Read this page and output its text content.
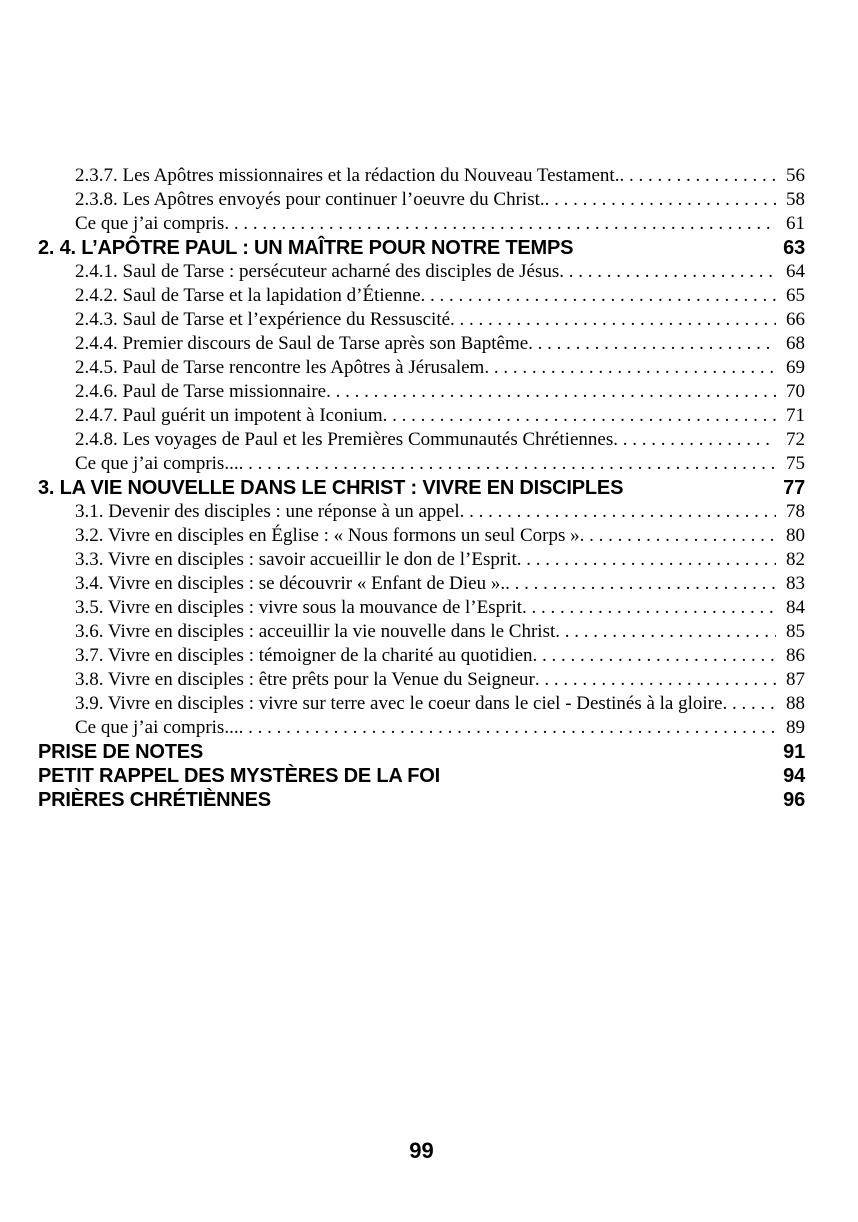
2.3.7. Les Apôtres missionnaires et la rédaction du Nouveau Testament. . . .	56
2.3.8. Les Apôtres envoyés pour continuer l’oeuvre du Christ. . . .	58
Ce que j’ai compris . . .	61
2. 4. L’APÔTRE PAUL : UN MAÎTRE POUR NOTRE TEMPS	63
2.4.1. Saul de Tarse : persécuteur acharné des disciples de Jésus . . .	64
2.4.2. Saul de Tarse et la lapidation d’Étienne . . .	65
2.4.3. Saul de Tarse et l’expérience du Ressuscité . . .	66
2.4.4. Premier discours de Saul de Tarse après son Baptême . . .	68
2.4.5. Paul de Tarse rencontre les Apôtres à Jérusalem . . .	69
2.4.6. Paul de Tarse missionnaire . . .	70
2.4.7. Paul guérit un impotent à Iconium . . .	71
2.4.8. Les voyages de Paul et les Premières Communautés Chrétiennes . . .	72
Ce que j’ai compris... . . .	75
3. LA VIE NOUVELLE DANS LE CHRIST : VIVRE EN DISCIPLES	77
3.1. Devenir des disciples : une réponse à un appel . . .	78
3.2. Vivre en disciples en Église : « Nous formons un seul Corps » . . .	80
3.3. Vivre en disciples : savoir accueillir le don de l’Esprit . . .	82
3.4. Vivre en disciples : se découvrir « Enfant de Dieu ». . . .	83
3.5. Vivre en disciples : vivre sous la mouvance de l’Esprit . . .	84
3.6. Vivre en disciples : acceuillir la vie nouvelle dans le Christ . . .	85
3.7. Vivre en disciples : témoigner de la charité au quotidien . . .	86
3.8. Vivre en disciples : être prêts pour la Venue du Seigneur . . .	87
3.9. Vivre en disciples : vivre sur terre avec le coeur dans le ciel - Destinés à la gloire . . .	88
Ce que j’ai compris... . . .	89
PRISE DE NOTES	91
PETIT RAPPEL DES MYSTÈRES DE LA FOI	94
PRIÈRES CHRÉTIÈNNES	96
99
